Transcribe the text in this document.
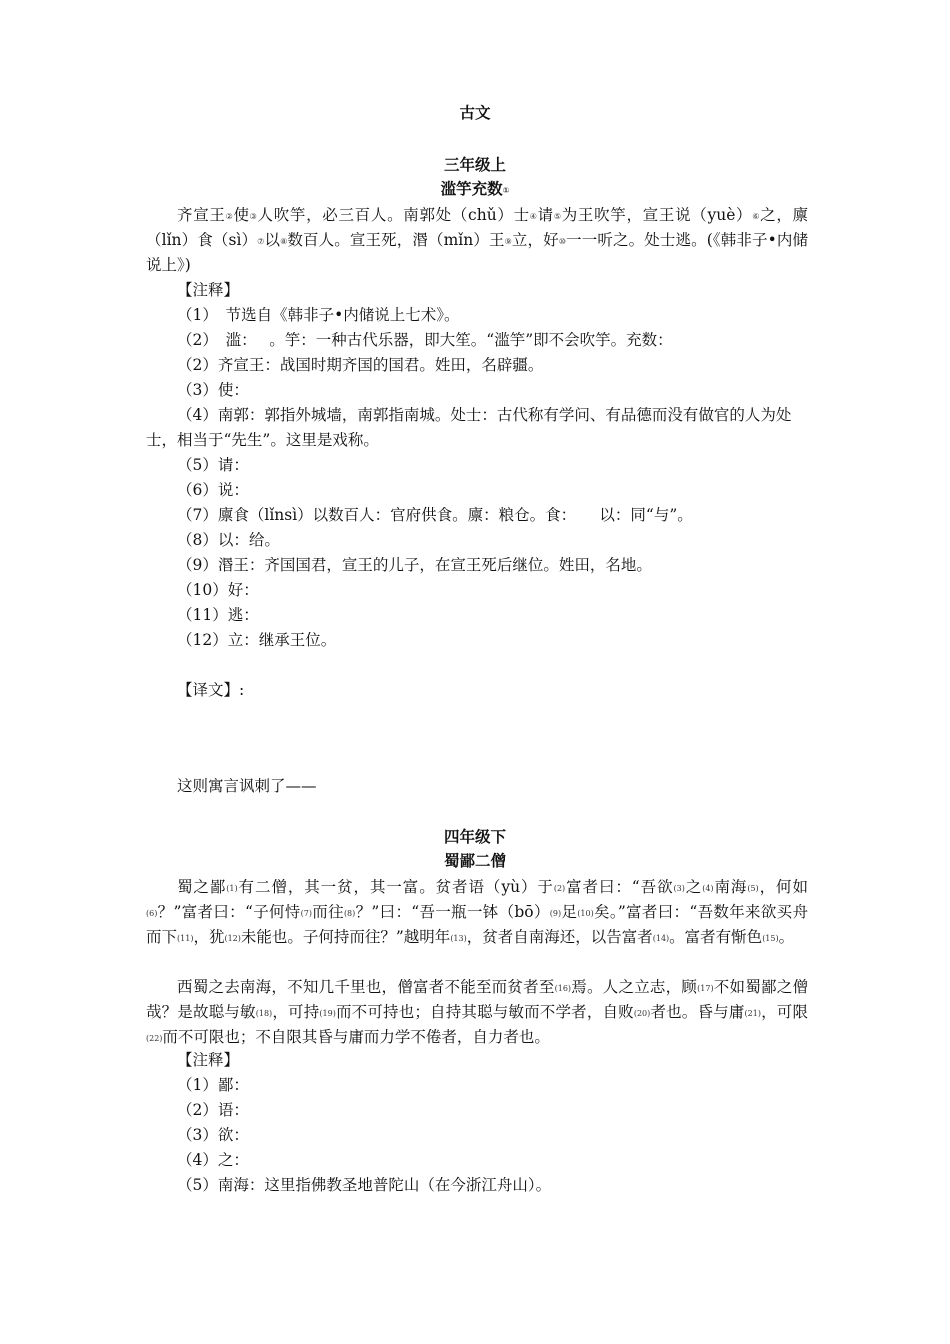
古文
三年级上
滥竽充数①
齐宣王②使③人吹竽，必三百人。南郭处（chǔ）士④请⑤为王吹竽，宣王说（yuè）⑥之，廪（lǐn）食（sì）⑦以⑧数百人。宣王死，湣（mǐn）王⑨立，好⑩一一听之。处士逃。(《韩非子•内储说上》)
【注释】
（1）　节选自《韩非子•内储说上七术》。
（2）　滥：　 。竽：一种古代乐器，即大笙。“滥竽”即不会吹竽。充数：
（2）齐宣王：战国时期齐国的国君。姓田，名辟疆。
（3）使：
（4）南郭：郭指外城墙，南郭指南城。处士：古代称有学问、有品德而没有做官的人为处士，相当于“先生”。这里是戏称。
（5）请：
（6）说：
（7）廪食（lǐnsì）以数百人：官府供食。廪：粮仓。食：　　以：同“与”。
（8）以：给。
（9）湣王：齐国国君，宣王的儿子，在宣王死后继位。姓田，名地。
（10）好：
（11）逃：
（12）立：继承王位。
【译文】:
这则寓言讽刺了——
四年级下
蜀鄙二僧
蜀之鄙$^{(1)}$有二僧，其一贫，其一富。贫者语（yù）于$^{(2)}$富者曰：“吾欲$^{(3)}$之$^{(4)}$南海$^{(5)}$，何如$^{(6)}$？”富者曰：“子何恃$^{(7)}$而往$^{(8)}$？”曰：“吾一瓶一钵（bō）$^{(9)}$足$^{(10)}$矣。”富者曰：“吾数年来欲买舟而下$^{(11)}$，犹$^{(12)}$未能也。子何持而往？”越明年$^{(13)}$，贫者自南海还，以告富者$^{(14)}$。富者有惭色$^{(15)}$。
西蜀之去南海，不知几千里也，僧富者不能至而贫者至$^{(16)}$焉。人之立志，顾$^{(17)}$不如蜀鄙之僧哉？是故聪与敏$^{(18)}$，可持$^{(19)}$而不可持也；自持其聪与敏而不学者，自败$^{(20)}$者也。昏与庸$^{(21)}$，可限$^{(22)}$而不可限也；不自限其昏与庸而力学不倦者，自力者也。
【注释】
（1）鄙：
（2）语：
（3）欲：
（4）之：
（5）南海：这里指佛教圣地普陀山（在今浙江舟山）。
